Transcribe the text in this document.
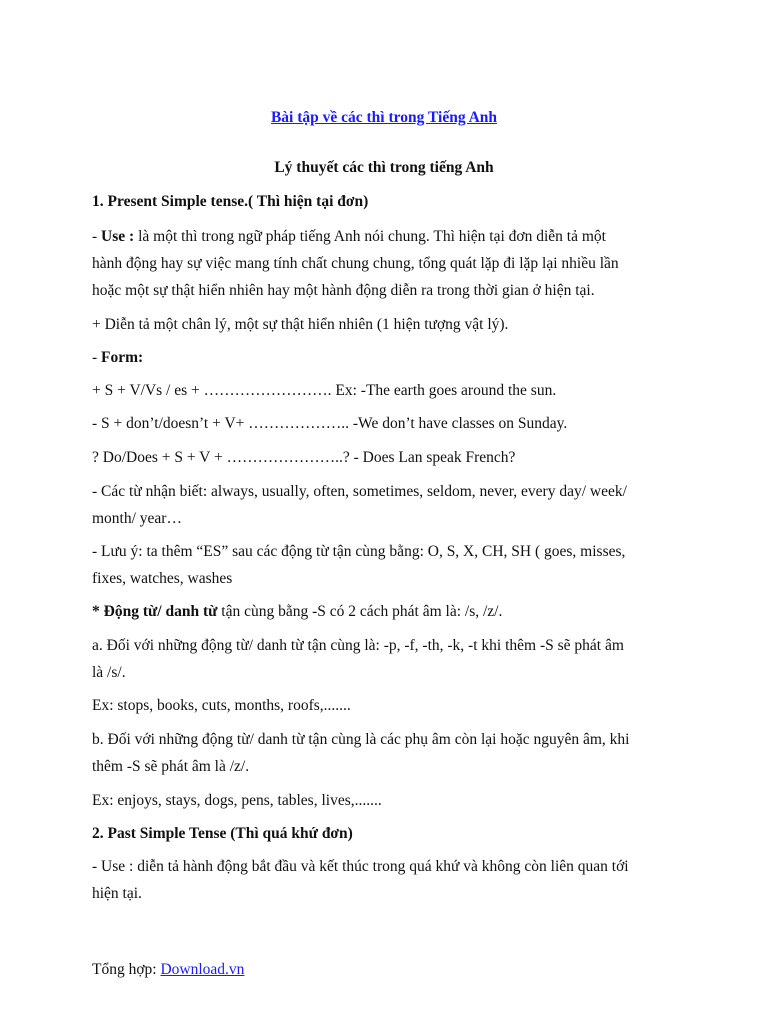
Bài tập về các thì trong Tiếng Anh
Lý thuyết các thì trong tiếng Anh
1. Present Simple tense.( Thì hiện tại đơn)
- Use : là một thì trong ngữ pháp tiếng Anh nói chung. Thì hiện tại đơn diễn tả một
hành động hay sự việc mang tính chất chung chung, tổng quát lặp đi lặp lại nhiều lần
hoặc một sự thật hiển nhiên hay một hành động diễn ra trong thời gian ở hiện tại.
+ Diễn tả một chân lý, một sự thật hiển nhiên (1 hiện tượng vật lý).
- Form:
+ S + V/Vs / es + ……………………. Ex: -The earth goes around the sun.
- S + don’t/doesn’t + V+ ……………….. -We don’t have classes on Sunday.
? Do/Does + S + V + …………………..? - Does Lan speak French?
- Các từ nhận biết: always, usually, often, sometimes, seldom, never, every day/ week/
month/ year…
- Lưu ý: ta thêm “ES” sau các động từ tận cùng bằng: O, S, X, CH, SH ( goes, misses,
fixes, watches, washes
* Động từ/ danh từ tận cùng bằng -S có 2 cách phát âm là: /s, /z/.
a. Đối với những động từ/ danh từ tận cùng là: -p, -f, -th, -k, -t khi thêm -S sẽ phát âm
là /s/.
Ex: stops, books, cuts, months, roofs,.......
b. Đối với những động từ/ danh từ tận cùng là các phụ âm còn lại hoặc nguyên âm, khi
thêm -S sẽ phát âm là /z/.
Ex: enjoys, stays, dogs, pens, tables, lives,.......
2. Past Simple Tense (Thì quá khứ đơn)
- Use : diễn tả hành động bắt đầu và kết thúc trong quá khứ và không còn liên quan tới
hiện tại.
Tổng hợp: Download.vn
